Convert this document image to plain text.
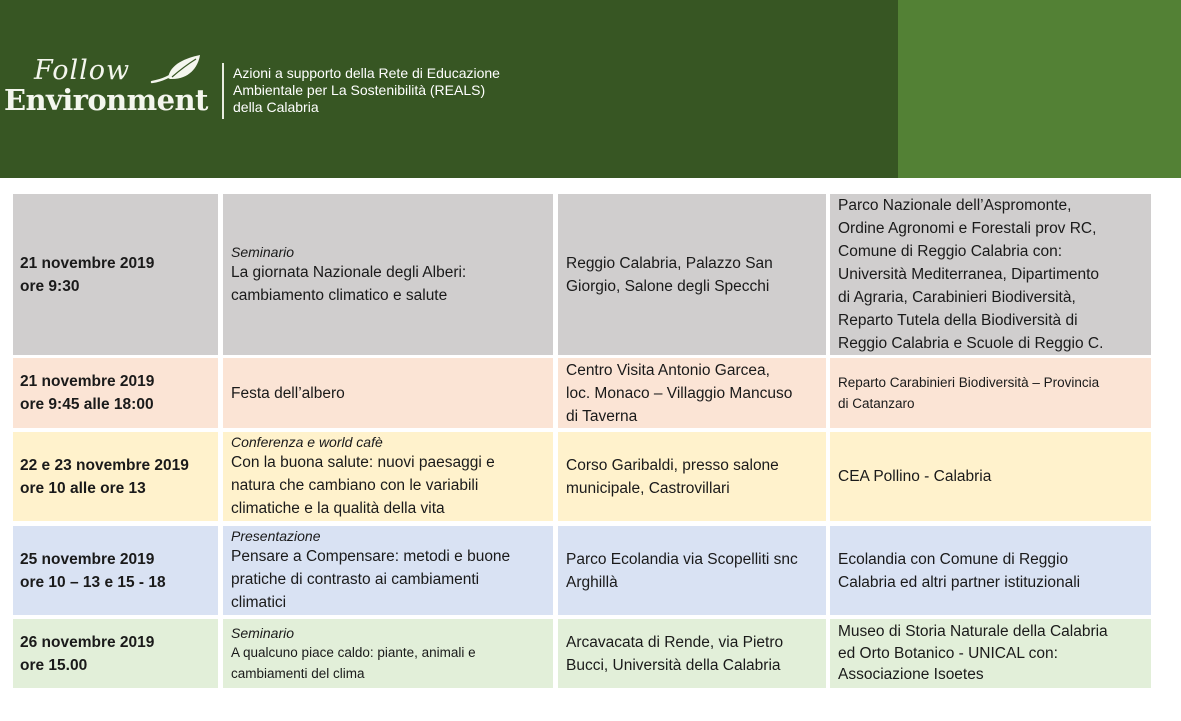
Follow
Environment
Azioni a supporto della Rete di Educazione
Ambientale per La Sostenibilità (REALS)
della Calabria
21 novembre 2019
ore 9:30
Seminario
La giornata Nazionale degli Alberi:
cambiamento climatico e salute
Reggio Calabria, Palazzo San
Giorgio, Salone degli Specchi
Parco Nazionale dell’Aspromonte,
Ordine Agronomi e Forestali prov RC,
Comune di Reggio Calabria con:
Università Mediterranea, Dipartimento
di Agraria, Carabinieri Biodiversità,
Reparto Tutela della Biodiversità di
Reggio Calabria e Scuole di Reggio C.
21 novembre 2019
ore 9:45 alle 18:00
Festa dell’albero
Centro Visita Antonio Garcea,
loc. Monaco – Villaggio Mancuso
di Taverna
Reparto Carabinieri Biodiversità – Provincia
di Catanzaro
22 e 23 novembre 2019
ore 10 alle ore 13
Conferenza e world cafè
Con la buona salute: nuovi paesaggi e
natura che cambiano con le variabili
climatiche e la qualità della vita
Corso Garibaldi, presso salone
municipale, Castrovillari
CEA Pollino - Calabria
25 novembre 2019
ore 10 – 13 e 15 - 18
Presentazione
Pensare a Compensare: metodi e buone
pratiche di contrasto ai cambiamenti
climatici
Parco Ecolandia via Scopelliti snc
Arghillà
Ecolandia con Comune di Reggio
Calabria ed altri partner istituzionali
26 novembre 2019
ore 15.00
Seminario
A qualcuno piace caldo: piante, animali e
cambiamenti del clima
Arcavacata di Rende, via Pietro
Bucci, Università della Calabria
Museo di Storia Naturale della Calabria
ed Orto Botanico - UNICAL con:
Associazione Isoetes
